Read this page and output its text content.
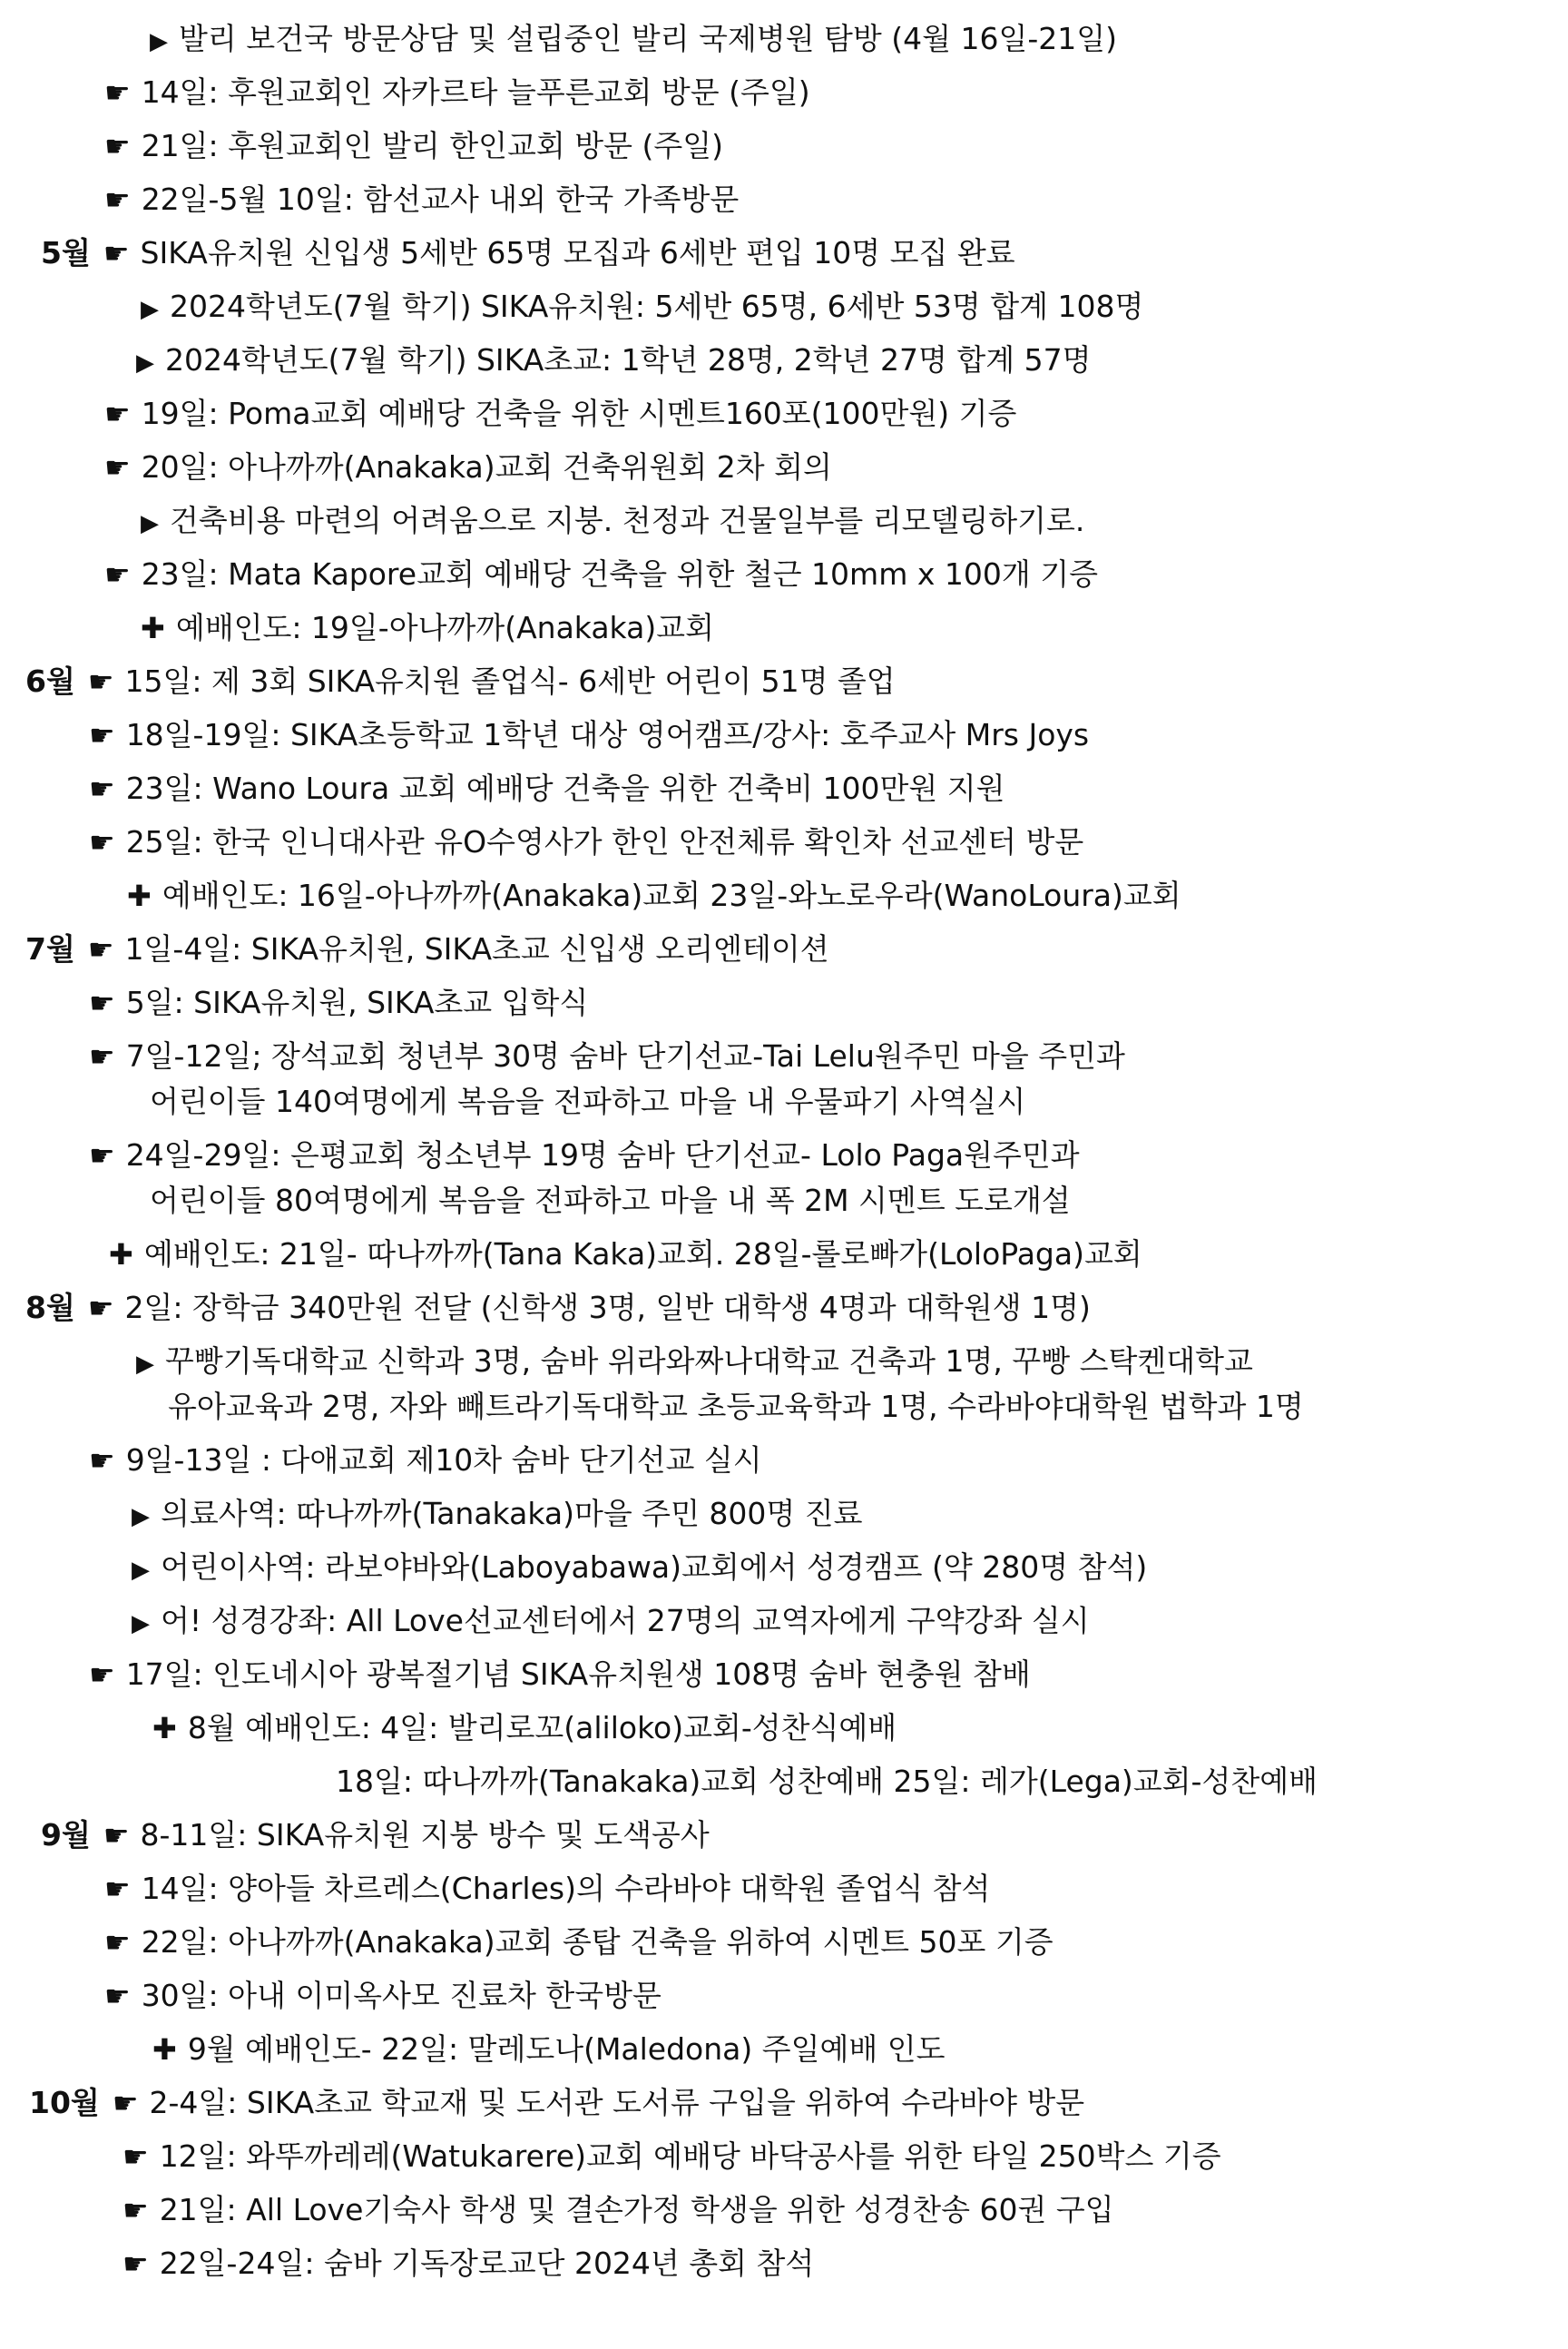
▶ 발리 보건국 방문상담 및 설립중인 발리 국제병원 탐방 (4월 16일-21일)
☛ 14일: 후원교회인 자카르타 늘푸른교회 방문 (주일)
☛ 21일: 후원교회인 발리 한인교회 방문 (주일)
☛ 22일-5월 10일: 함선교사 내외 한국 가족방문
5월 ☛ SIKA유치원 신입생 5세반 65명 모집과 6세반 편입 10명 모집 완료
▶ 2024학년도(7월 학기) SIKA유치원: 5세반 65명, 6세반 53명 합계 108명
▶ 2024학년도(7월 학기) SIKA초교: 1학년 28명, 2학년 27명 합계 57명
☛ 19일: Poma교회 예배당 건축을 위한 시멘트160포(100만원) 기증
☛ 20일: 아나까까(Anakaka)교회 건축위원회 2차 회의
▶ 건축비용 마련의 어려움으로 지붕. 천정과 건물일부를 리모델링하기로.
☛ 23일: Mata Kapore교회 예배당 건축을 위한 철근 10mm x 100개 기증
✚ 예배인도: 19일-아나까까(Anakaka)교회
6월 ☛ 15일: 제 3회 SIKA유치원 졸업식- 6세반 어린이 51명 졸업
☛ 18일-19일: SIKA초등학교 1학년 대상 영어캠프/강사: 호주교사 Mrs Joys
☛ 23일: Wano Loura 교회 예배당 건축을 위한 건축비 100만원 지원
☛ 25일: 한국 인니대사관 유O수영사가 한인 안전체류 확인차 선교센터 방문
✚ 예배인도: 16일-아나까까(Anakaka)교회 23일-와노로우라(WanoLoura)교회
7월 ☛ 1일-4일: SIKA유치원, SIKA초교 신입생 오리엔테이션
☛ 5일: SIKA유치원, SIKA초교 입학식
☛ 7일-12일; 장석교회 청년부 30명 숨바 단기선교-Tai Lelu원주민 마을 주민과
어린이들 140여명에게 복음을 전파하고 마을 내 우물파기 사역실시
☛ 24일-29일: 은평교회 청소년부 19명 숨바 단기선교- Lolo Paga원주민과
어린이들 80여명에게 복음을 전파하고 마을 내 폭 2M 시멘트 도로개설
✚ 예배인도: 21일- 따나까까(Tana Kaka)교회. 28일-롤로빠가(LoloPaga)교회
8월 ☛ 2일: 장학금 340만원 전달 (신학생 3명, 일반 대학생 4명과 대학원생 1명)
▶ 꾸빵기독대학교 신학과 3명, 숨바 위라와짜나대학교 건축과 1명, 꾸빵 스탁켄대학교
유아교육과 2명, 자와 빼트라기독대학교 초등교육학과 1명, 수라바야대학원 법학과 1명
☛ 9일-13일 : 다애교회 제10차 숨바 단기선교 실시
▶ 의료사역: 따나까까(Tanakaka)마을 주민 800명 진료
▶ 어린이사역: 라보야바와(Laboyabawa)교회에서 성경캠프 (약 280명 참석)
▶ 어! 성경강좌: All Love선교센터에서 27명의 교역자에게 구약강좌 실시
☛ 17일: 인도네시아 광복절기념 SIKA유치원생 108명 숨바 현충원 참배
✚ 8월 예배인도: 4일: 발리로꼬(aliloko)교회-성찬식예배
18일: 따나까까(Tanakaka)교회 성찬예배 25일: 레가(Lega)교회-성찬예배
9월 ☛ 8-11일: SIKA유치원 지붕 방수 및 도색공사
☛ 14일: 양아들 차르레스(Charles)의 수라바야 대학원 졸업식 참석
☛ 22일: 아나까까(Anakaka)교회 종탑 건축을 위하여 시멘트 50포 기증
☛ 30일: 아내 이미옥사모 진료차 한국방문
✚ 9월 예배인도- 22일: 말레도나(Maledona) 주일예배 인도
10월 ☛ 2-4일: SIKA초교 학교재 및 도서관 도서류 구입을 위하여 수라바야 방문
☛ 12일: 와뚜까레레(Watukarere)교회 예배당 바닥공사를 위한 타일 250박스 기증
☛ 21일: All Love기숙사 학생 및 결손가정 학생을 위한 성경찬송 60권 구입
☛ 22일-24일: 숨바 기독장로교단 2024년 총회 참석
